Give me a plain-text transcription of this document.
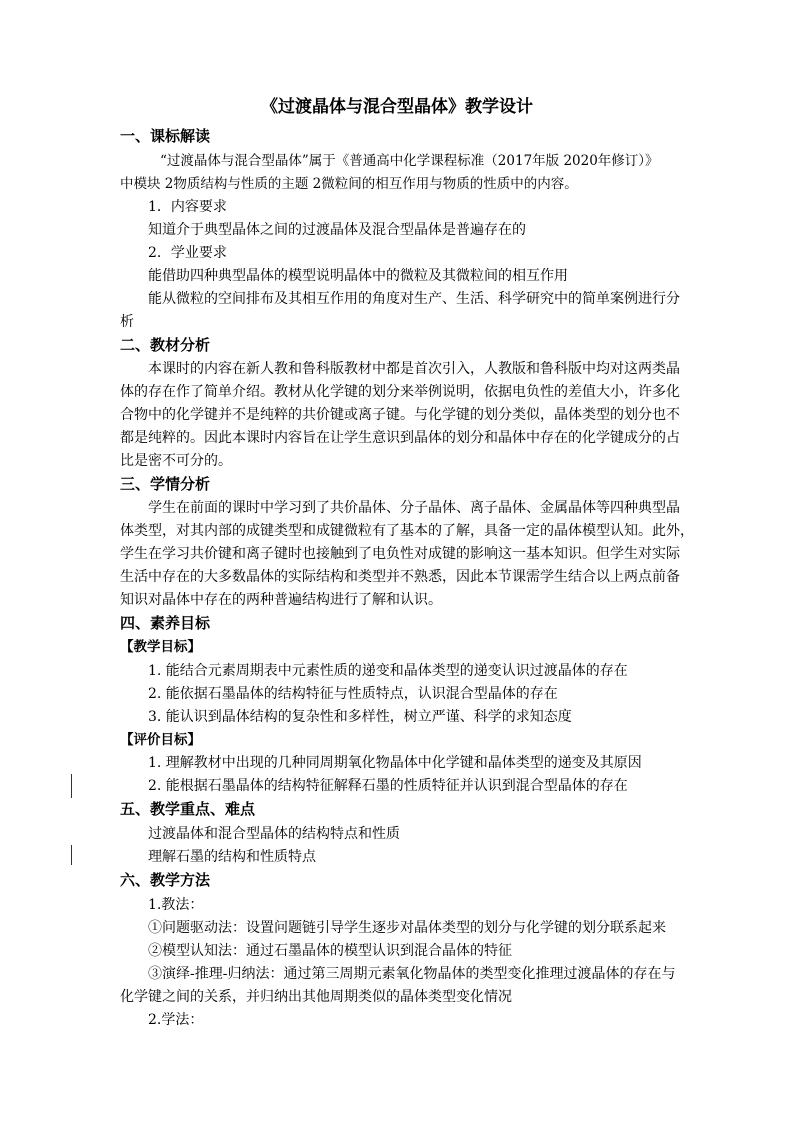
《过渡晶体与混合型晶体》教学设计
一、课标解读
“过渡晶体与混合型晶体”属于《普通高中化学课程标准（2017年版 2020年修订）》
中模块 2物质结构与性质的主题 2微粒间的相互作用与物质的性质中的内容。
1．内容要求
知道介于典型晶体之间的过渡晶体及混合型晶体是普遍存在的
2．学业要求
能借助四种典型晶体的模型说明晶体中的微粒及其微粒间的相互作用
能从微粒的空间排布及其相互作用的角度对生产、生活、科学研究中的简单案例进行分
析
二、教材分析
本课时的内容在新人教和鲁科版教材中都是首次引入，人教版和鲁科版中均对这两类晶
体的存在作了简单介绍。教材从化学键的划分来举例说明，依据电负性的差值大小，许多化
合物中的化学键并不是纯粹的共价键或离子键。与化学键的划分类似，晶体类型的划分也不
都是纯粹的。因此本课时内容旨在让学生意识到晶体的划分和晶体中存在的化学键成分的占
比是密不可分的。
三、学情分析
学生在前面的课时中学习到了共价晶体、分子晶体、离子晶体、金属晶体等四种典型晶
体类型，对其内部的成键类型和成键微粒有了基本的了解，具备一定的晶体模型认知。此外，
学生在学习共价键和离子键时也接触到了电负性对成键的影响这一基本知识。但学生对实际
生活中存在的大多数晶体的实际结构和类型并不熟悉，因此本节课需学生结合以上两点前备
知识对晶体中存在的两种普遍结构进行了解和认识。
四、素养目标
【教学目标】
1. 能结合元素周期表中元素性质的递变和晶体类型的递变认识过渡晶体的存在
2. 能依据石墨晶体的结构特征与性质特点，认识混合型晶体的存在
3. 能认识到晶体结构的复杂性和多样性，树立严谨、科学的求知态度
【评价目标】
1. 理解教材中出现的几种同周期氧化物晶体中化学键和晶体类型的递变及其原因
2. 能根据石墨晶体的结构特征解释石墨的性质特征并认识到混合型晶体的存在
五、教学重点、难点
过渡晶体和混合型晶体的结构特点和性质
理解石墨的结构和性质特点
六、教学方法
1.教法：
①问题驱动法：设置问题链引导学生逐步对晶体类型的划分与化学键的划分联系起来
②模型认知法：通过石墨晶体的模型认识到混合晶体的特征
③演绎-推理-归纳法：通过第三周期元素氧化物晶体的类型变化推理过渡晶体的存在与
化学键之间的关系，并归纳出其他周期类似的晶体类型变化情况
2.学法：
